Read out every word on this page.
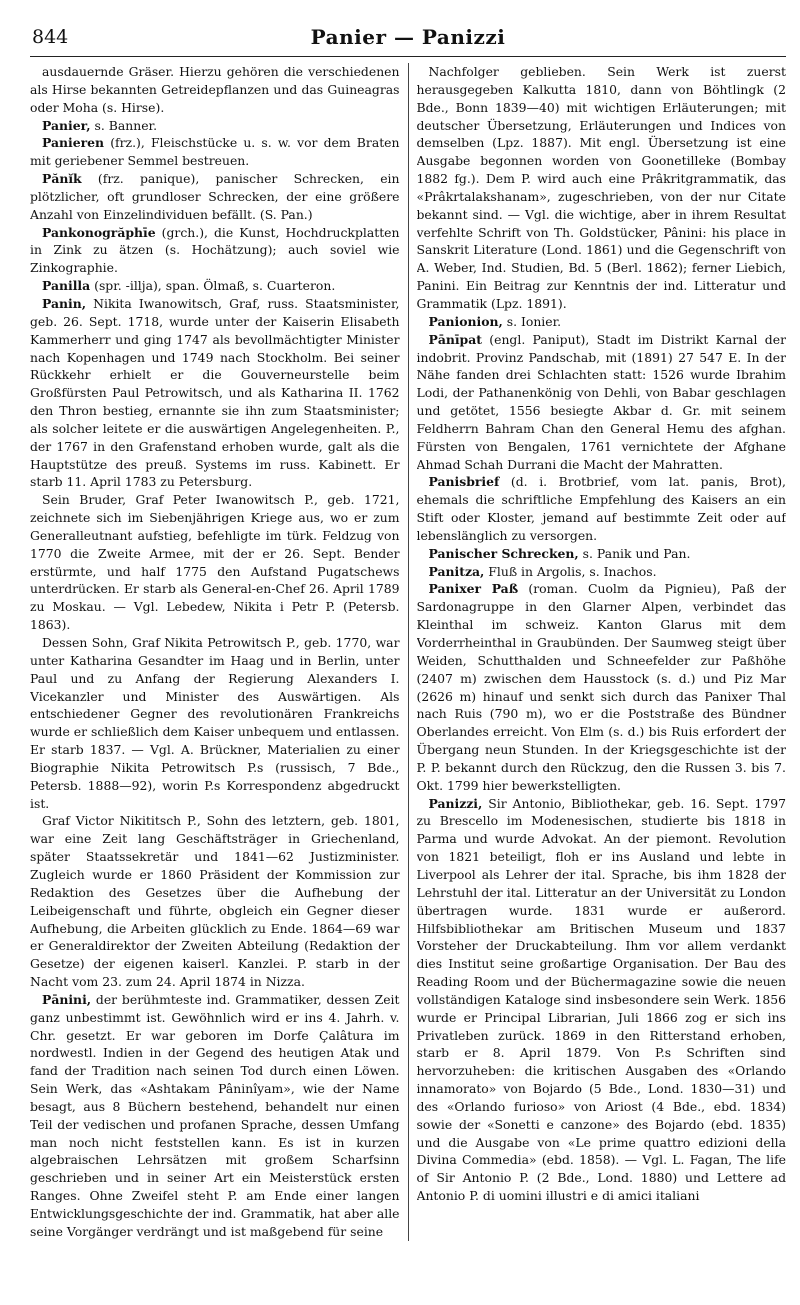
844	Panier — Panizzi

ausdauernde Gräser. Hierzu gehören die verschiedenen als Hirse bekannten Getreidepflanzen und das Guineagras oder Moha (s. Hirse).

Panier, s. Banner.

Panieren (frz.), Fleischstücke u. s. w. vor dem Braten mit geriebener Semmel bestreuen.

Pănĭk (frz. panique), panischer Schrecken, ein plötzlicher, oft grundloser Schrecken, der eine größere Anzahl von Einzelindividuen befällt. (S. Pan.)

Pankonogrăphīe (grch.), die Kunst, Hochdruckplatten in Zink zu ätzen (s. Hochätzung); auch soviel wie Zinkographie.

Panilla (spr. -illja), span. Ölmaß, s. Cuarteron.

Panin, Nikita Iwanowitsch, Graf, russ. Staatsminister, geb. 26. Sept. 1718, wurde unter der Kaiserin Elisabeth Kammerherr und ging 1747 als bevollmächtigter Minister nach Kopenhagen und 1749 nach Stockholm. Bei seiner Rückkehr erhielt er die Gouverneurstelle beim Großfürsten Paul Petrowitsch, und als Katharina II. 1762 den Thron bestieg, ernannte sie ihn zum Staatsminister; als solcher leitete er die auswärtigen Angelegenheiten. P., der 1767 in den Grafenstand erhoben wurde, galt als die Hauptstütze des preuß. Systems im russ. Kabinett. Er starb 11. April 1783 zu Petersburg.

Sein Bruder, Graf Peter Iwanowitsch P., geb. 1721, zeichnete sich im Siebenjährigen Kriege aus, wo er zum Generalleutnant aufstieg, befehligte im türk. Feldzug von 1770 die Zweite Armee, mit der er 26. Sept. Bender erstürmte, und half 1775 den Aufstand Pugatschews unterdrücken. Er starb als General-en-Chef 26. April 1789 zu Moskau. — Vgl. Lebedew, Nikita i Petr P. (Petersb. 1863).

Dessen Sohn, Graf Nikita Petrowitsch P., geb. 1770, war unter Katharina Gesandter im Haag und in Berlin, unter Paul und zu Anfang der Regierung Alexanders I. Vicekanzler und Minister des Auswärtigen. Als entschiedener Gegner des revolutionären Frankreichs wurde er schließlich dem Kaiser unbequem und entlassen. Er starb 1837. — Vgl. A. Brückner, Materialien zu einer Biographie Nikita Petrowitsch P.s (russisch, 7 Bde., Petersb. 1888—92), worin P.s Korrespondenz abgedruckt ist.

Graf Victor Nikititsch P., Sohn des letztern, geb. 1801, war eine Zeit lang Geschäftsträger in Griechenland, später Staatssekretär und 1841—62 Justizminister. Zugleich wurde er 1860 Präsident der Kommission zur Redaktion des Gesetzes über die Aufhebung der Leibeigenschaft und führte, obgleich ein Gegner dieser Aufhebung, die Arbeiten glücklich zu Ende. 1864—69 war er Generaldirektor der Zweiten Abteilung (Redaktion der Gesetze) der eigenen kaiserl. Kanzlei. P. starb in der Nacht vom 23. zum 24. April 1874 in Nizza.

Pānini, der berühmteste ind. Grammatiker, dessen Zeit ganz unbestimmt ist. Gewöhnlich wird er ins 4. Jahrh. v. Chr. gesetzt. Er war geboren im Dorfe Çalâtura im nordwestl. Indien in der Gegend des heutigen Atak und fand der Tradition nach seinen Tod durch einen Löwen. Sein Werk, das «Ashtakam Pâninîyam», wie der Name besagt, aus 8 Büchern bestehend, behandelt nur einen Teil der vedischen und profanen Sprache, dessen Umfang man noch nicht feststellen kann. Es ist in kurzen algebraischen Lehrsätzen mit großem Scharfsinn geschrieben und in seiner Art ein Meisterstück ersten Ranges. Ohne Zweifel steht P. am Ende einer langen Entwicklungsgeschichte der ind. Grammatik, hat aber alle seine Vorgänger verdrängt und ist maßgebend für seine

Nachfolger geblieben. Sein Werk ist zuerst herausgegeben Kalkutta 1810, dann von Böhtlingk (2 Bde., Bonn 1839—40) mit wichtigen Erläuterungen; mit deutscher Übersetzung, Erläuterungen und Indices von demselben (Lpz. 1887). Mit engl. Übersetzung ist eine Ausgabe begonnen worden von Goonetilleke (Bombay 1882 fg.). Dem P. wird auch eine Prâkritgrammatik, das «Prâkrtalakshanam», zugeschrieben, von der nur Citate bekannt sind. — Vgl. die wichtige, aber in ihrem Resultat verfehlte Schrift von Th. Goldstücker, Pânini: his place in Sanskrit Literature (Lond. 1861) und die Gegenschrift von A. Weber, Ind. Studien, Bd. 5 (Berl. 1862); ferner Liebich, Panini. Ein Beitrag zur Kenntnis der ind. Litteratur und Grammatik (Lpz. 1891).

Panionion, s. Ionier.

Pānīpat (engl. Paniput), Stadt im Distrikt Karnal der indobrit. Provinz Pandschab, mit (1891) 27 547 E. In der Nähe fanden drei Schlachten statt: 1526 wurde Ibrahim Lodi, der Pathanenkönig von Dehli, von Babar geschlagen und getötet, 1556 besiegte Akbar d. Gr. mit seinem Feldherrn Bahram Chan den General Hemu des afghan. Fürsten von Bengalen, 1761 vernichtete der Afghane Ahmad Schah Durrani die Macht der Mahratten.

Panisbrief (d. i. Brotbrief, vom lat. panis, Brot), ehemals die schriftliche Empfehlung des Kaisers an ein Stift oder Kloster, jemand auf bestimmte Zeit oder auf lebenslänglich zu versorgen.

Panischer Schrecken, s. Panik und Pan.

Panitza, Fluß in Argolis, s. Inachos.

Panixer Paß (roman. Cuolm da Pignieu), Paß der Sardonagruppe in den Glarner Alpen, verbindet das Kleinthal im schweiz. Kanton Glarus mit dem Vorderrheinthal in Graubünden. Der Saumweg steigt über Weiden, Schutthalden und Schneefelder zur Paßhöhe (2407 m) zwischen dem Hausstock (s. d.) und Piz Mar (2626 m) hinauf und senkt sich durch das Panixer Thal nach Ruis (790 m), wo er die Poststraße des Bündner Oberlandes erreicht. Von Elm (s. d.) bis Ruis erfordert der Übergang neun Stunden. In der Kriegsgeschichte ist der P. P. bekannt durch den Rückzug, den die Russen 3. bis 7. Okt. 1799 hier bewerkstelligten.

Panizzi, Sir Antonio, Bibliothekar, geb. 16. Sept. 1797 zu Brescello im Modenesischen, studierte bis 1818 in Parma und wurde Advokat. An der piemont. Revolution von 1821 beteiligt, floh er ins Ausland und lebte in Liverpool als Lehrer der ital. Sprache, bis ihm 1828 der Lehrstuhl der ital. Litteratur an der Universität zu London übertragen wurde. 1831 wurde er außerord. Hilfsbibliothekar am Britischen Museum und 1837 Vorsteher der Druckabteilung. Ihm vor allem verdankt dies Institut seine großartige Organisation. Der Bau des Reading Room und der Büchermagazine sowie die neuen vollständigen Kataloge sind insbesondere sein Werk. 1856 wurde er Principal Librarian, Juli 1866 zog er sich ins Privatleben zurück. 1869 in den Ritterstand erhoben, starb er 8. April 1879. Von P.s Schriften sind hervorzuheben: die kritischen Ausgaben des «Orlando innamorato» von Bojardo (5 Bde., Lond. 1830—31) und des «Orlando furioso» von Ariost (4 Bde., ebd. 1834) sowie der «Sonetti e canzone» des Bojardo (ebd. 1835) und die Ausgabe von «Le prime quattro edizioni della Divina Commedia» (ebd. 1858). — Vgl. L. Fagan, The life of Sir Antonio P. (2 Bde., Lond. 1880) und Lettere ad Antonio P. di uomini illustri e di amici italiani
